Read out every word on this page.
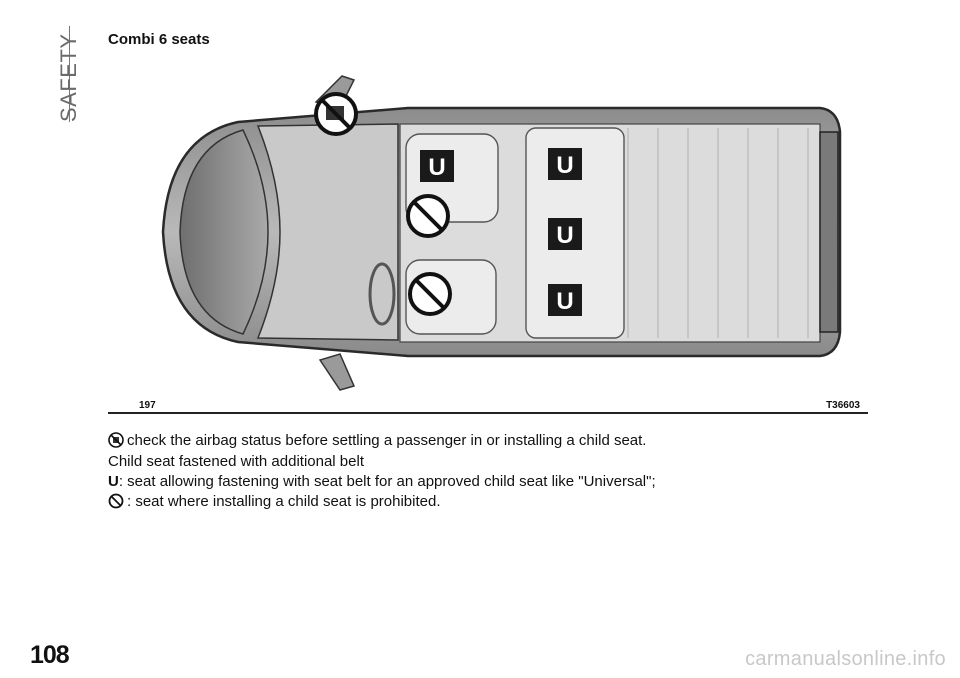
SAFETY Combi 6 seats
U	U
U
U
197	T36603
check the airbag status before settling a passenger in or installing a child seat.
Child seat fastened with additional belt
U: seat allowing fastening with seat belt for an approved child seat like "Universal";
: seat where installing a child seat is prohibited.
108	carmanualsonline.info
